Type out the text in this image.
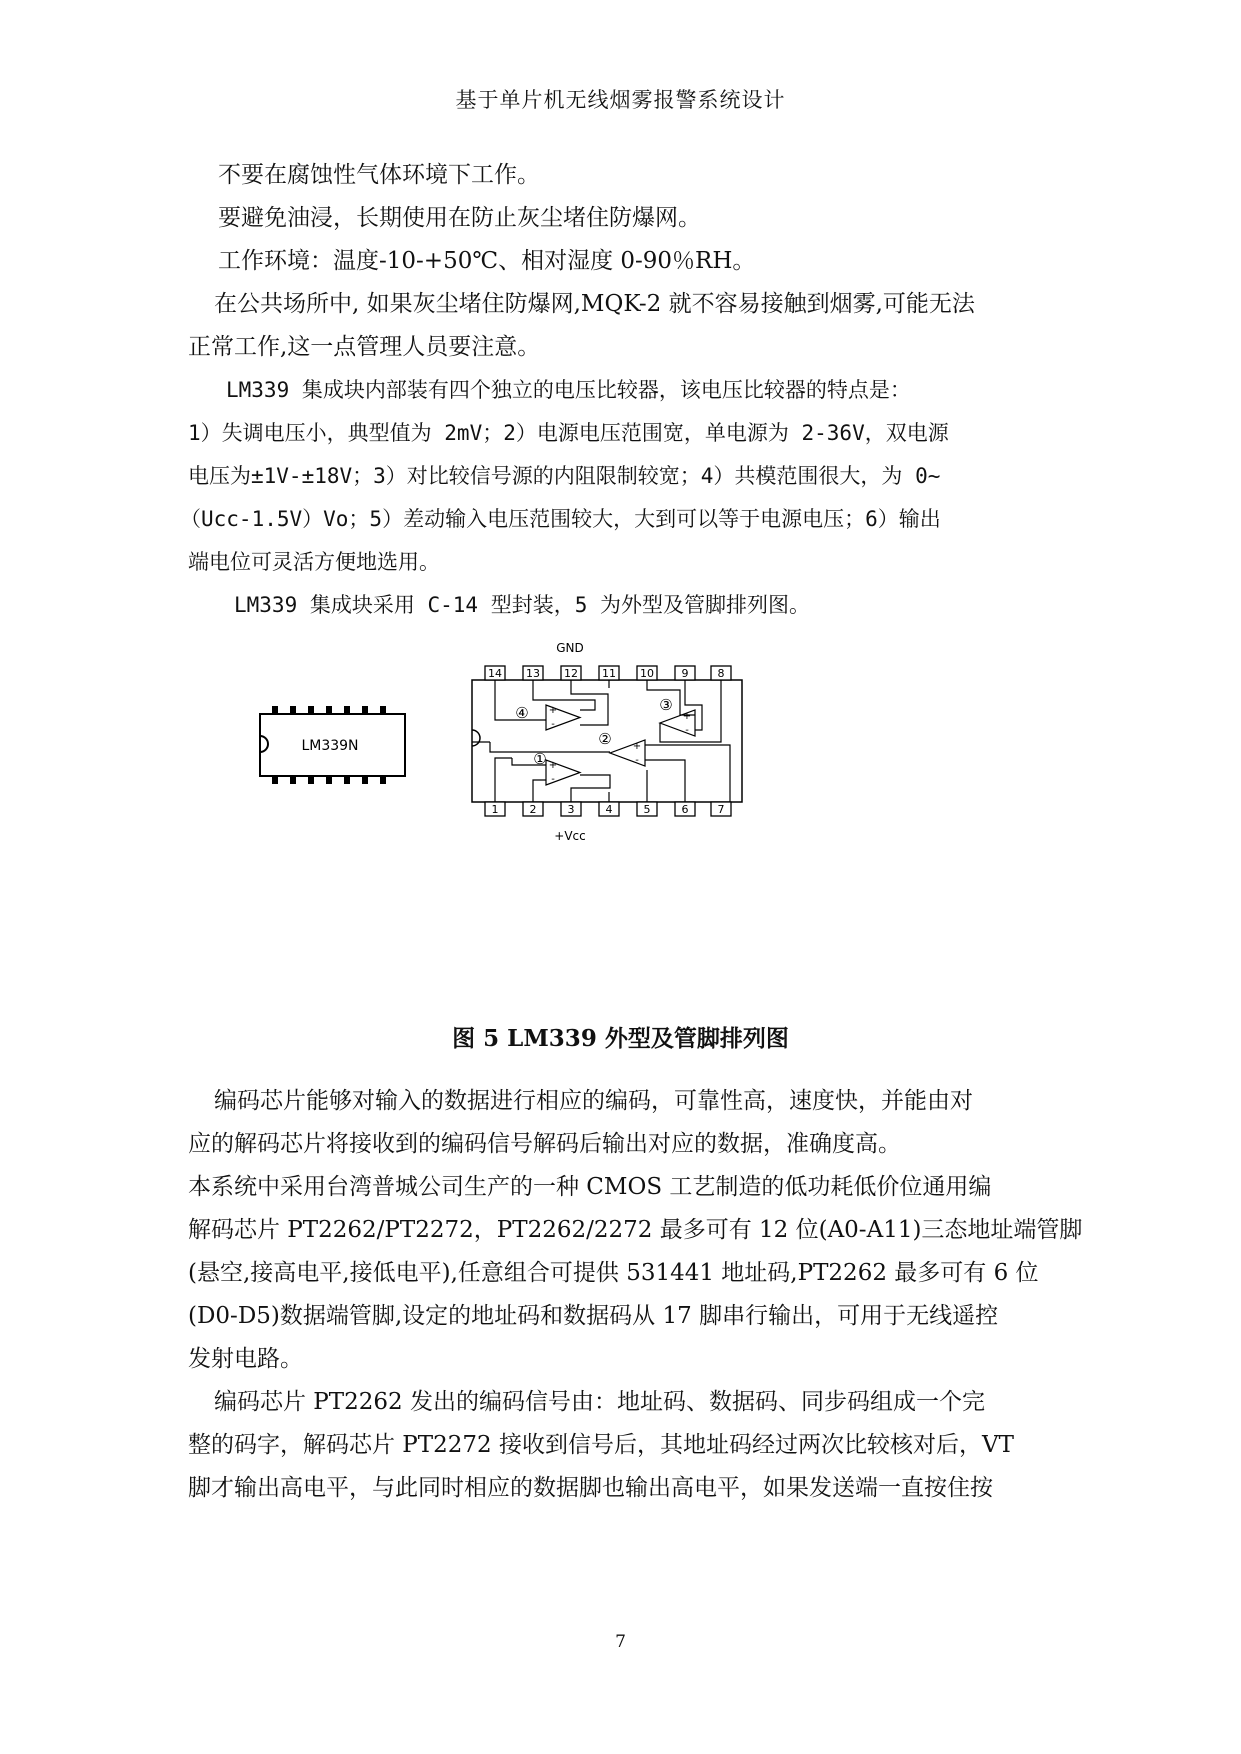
基于单片机无线烟雾报警系统设计

不要在腐蚀性气体环境下工作。

要避免油浸，长期使用在防止灰尘堵住防爆网。

工作环境：温度-10-+50℃、相对湿度 0-90％RH。

在公共场所中, 如果灰尘堵住防爆网,MQK-2 就不容易接触到烟雾,可能无法

正常工作,这一点管理人员要注意。

LM339 集成块内部装有四个独立的电压比较器，该电压比较器的特点是：

1）失调电压小，典型值为 2mV；2）电源电压范围宽，单电源为 2-36V，双电源

电压为±1V-±18V；3）对比较信号源的内阻限制较宽；4）共模范围很大，为 0~

（Ucc-1.5V）Vo；5）差动输入电压范围较大，大到可以等于电源电压；6）输出

端电位可灵活方便地选用。

LM339 集成块采用 C-14 型封装，5 为外型及管脚排列图。

LM339N
GND
+Vcc
14 13 12 11 10	9	8
1	2	3	4	5	6	7
④	③
②
①
+
-
+
-
+
-
+
-
图 5 LM339 外型及管脚排列图

编码芯片能够对输入的数据进行相应的编码，可靠性高，速度快，并能由对

应的解码芯片将接收到的编码信号解码后输出对应的数据，准确度高。

本系统中采用台湾普城公司生产的一种 CMOS 工艺制造的低功耗低价位通用编

解码芯片 PT2262/PT2272，PT2262/2272 最多可有 12 位(A0-A11)三态地址端管脚

(悬空,接高电平,接低电平),任意组合可提供 531441 地址码,PT2262 最多可有 6 位

(D0-D5)数据端管脚,设定的地址码和数据码从 17 脚串行输出，可用于无线遥控

发射电路。

编码芯片 PT2262 发出的编码信号由：地址码、数据码、同步码组成一个完

整的码字，解码芯片 PT2272 接收到信号后，其地址码经过两次比较核对后，VT

脚才输出高电平，与此同时相应的数据脚也输出高电平，如果发送端一直按住按

7
